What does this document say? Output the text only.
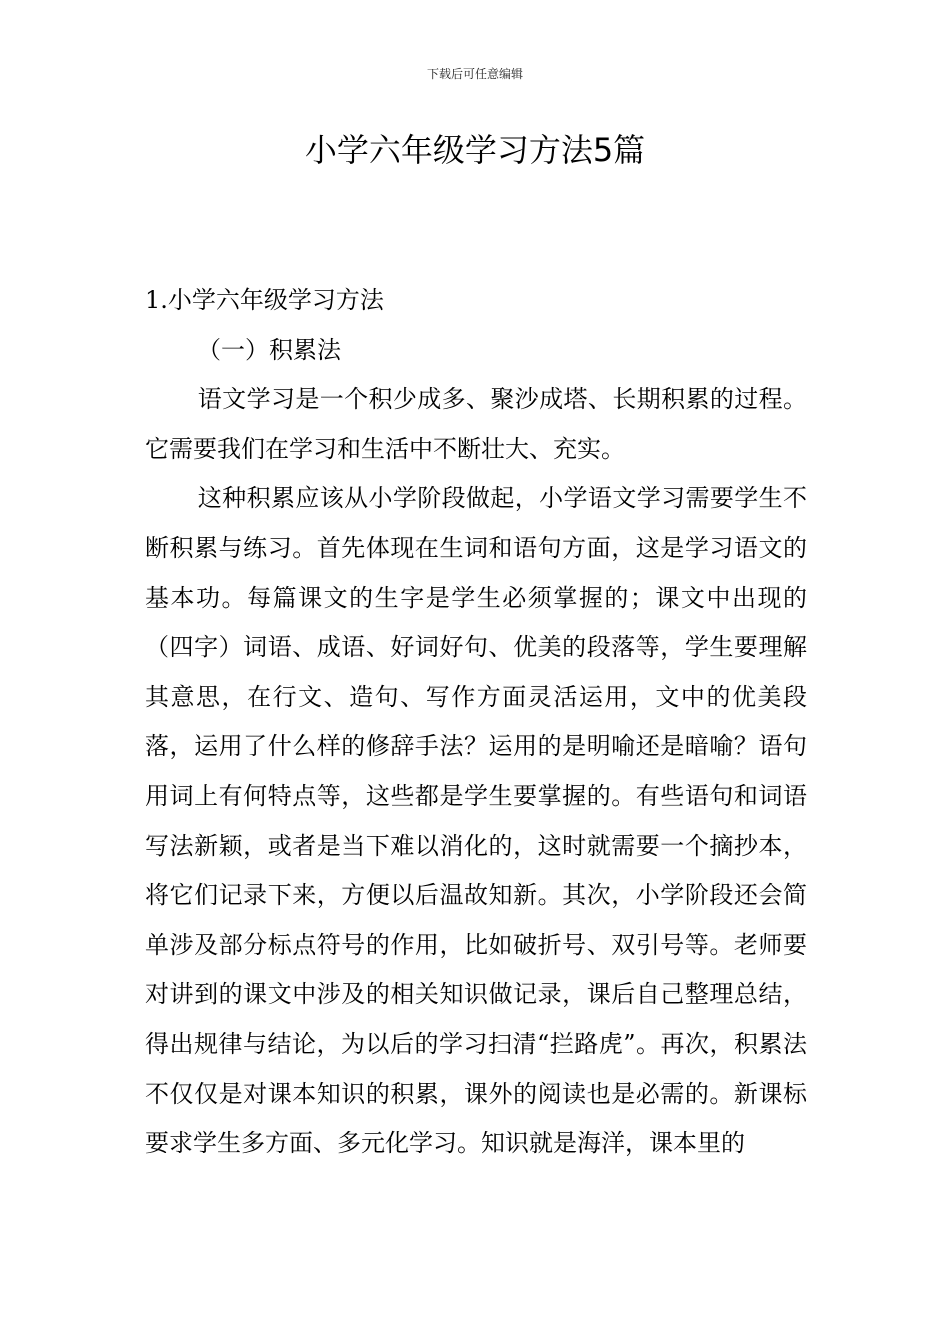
下载后可任意编辑
小学六年级学习方法5篇

1.小学六年级学习方法

（一）积累法

语文学习是一个积少成多、聚沙成塔、长期积累的过程。它需要我们在学习和生活中不断壮大、充实。

这种积累应该从小学阶段做起，小学语文学习需要学生不断积累与练习。首先体现在生词和语句方面，这是学习语文的基本功。每篇课文的生字是学生必须掌握的；课文中出现的（四字）词语、成语、好词好句、优美的段落等，学生要理解其意思，在行文、造句、写作方面灵活运用，文中的优美段落，运用了什么样的修辞手法？运用的是明喻还是暗喻？语句用词上有何特点等，这些都是学生要掌握的。有些语句和词语写法新颖，或者是当下难以消化的，这时就需要一个摘抄本，将它们记录下来，方便以后温故知新。其次，小学阶段还会简单涉及部分标点符号的作用，比如破折号、双引号等。老师要对讲到的课文中涉及的相关知识做记录，课后自己整理总结，得出规律与结论，为以后的学习扫清“拦路虎”。再次，积累法不仅仅是对课本知识的积累，课外的阅读也是必需的。新课标要求学生多方面、多元化学习。知识就是海洋，课本里的
